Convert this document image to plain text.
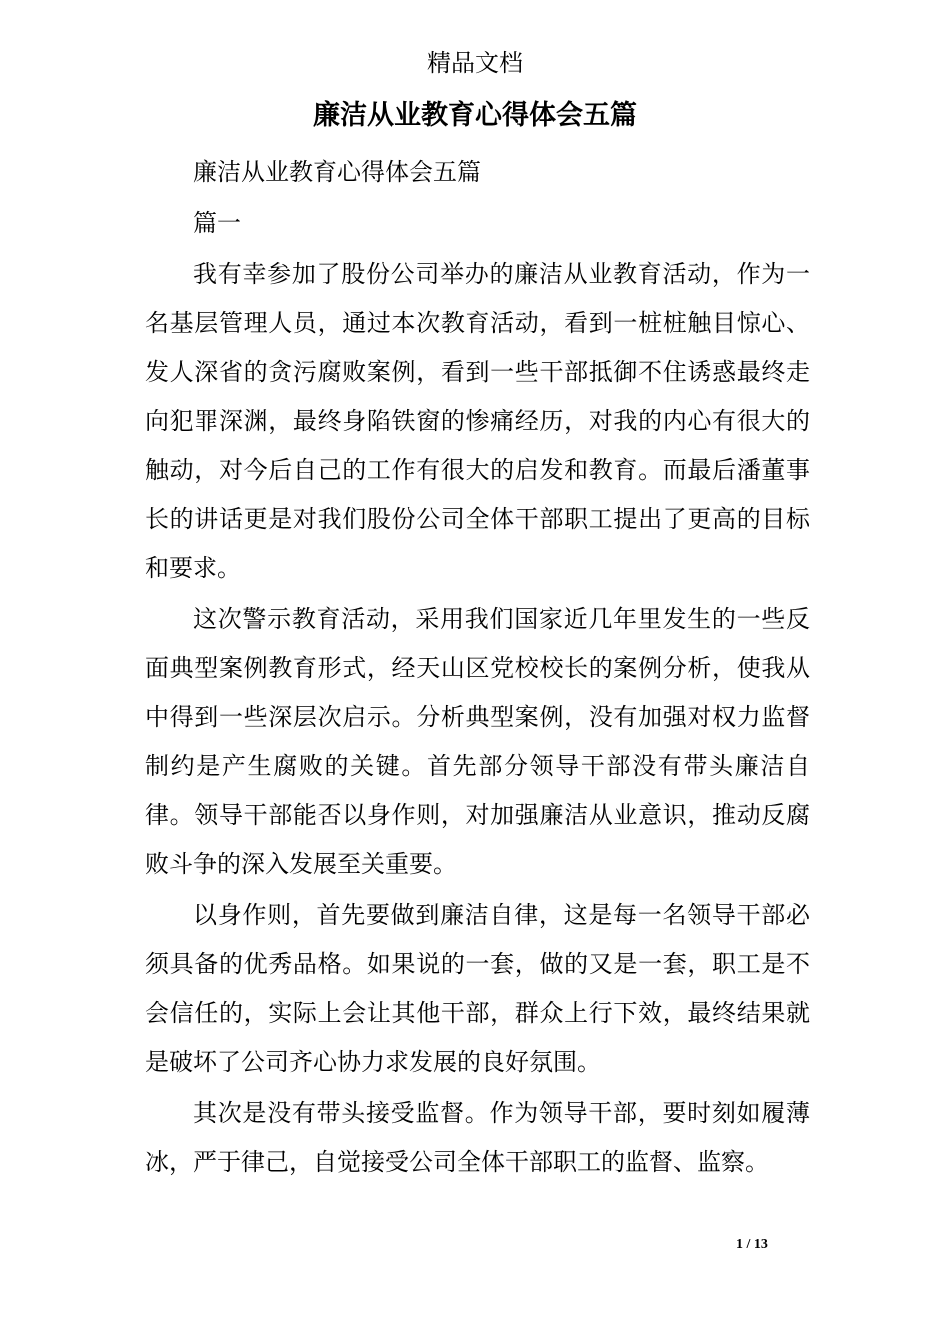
精品文档
廉洁从业教育心得体会五篇

廉洁从业教育心得体会五篇

篇一

我有幸参加了股份公司举办的廉洁从业教育活动，作为一名基层管理人员，通过本次教育活动，看到一桩桩触目惊心、发人深省的贪污腐败案例，看到一些干部抵御不住诱惑最终走向犯罪深渊，最终身陷铁窗的惨痛经历，对我的内心有很大的触动，对今后自己的工作有很大的启发和教育。而最后潘董事长的讲话更是对我们股份公司全体干部职工提出了更高的目标和要求。

这次警示教育活动，采用我们国家近几年里发生的一些反面典型案例教育形式，经天山区党校校长的案例分析，使我从中得到一些深层次启示。分析典型案例，没有加强对权力监督制约是产生腐败的关键。首先部分领导干部没有带头廉洁自律。领导干部能否以身作则，对加强廉洁从业意识，推动反腐败斗争的深入发展至关重要。

以身作则，首先要做到廉洁自律，这是每一名领导干部必须具备的优秀品格。如果说的一套，做的又是一套，职工是不会信任的，实际上会让其他干部，群众上行下效，最终结果就是破坏了公司齐心协力求发展的良好氛围。

其次是没有带头接受监督。作为领导干部，要时刻如履薄冰，严于律己，自觉接受公司全体干部职工的监督、监察。

1 / 13
